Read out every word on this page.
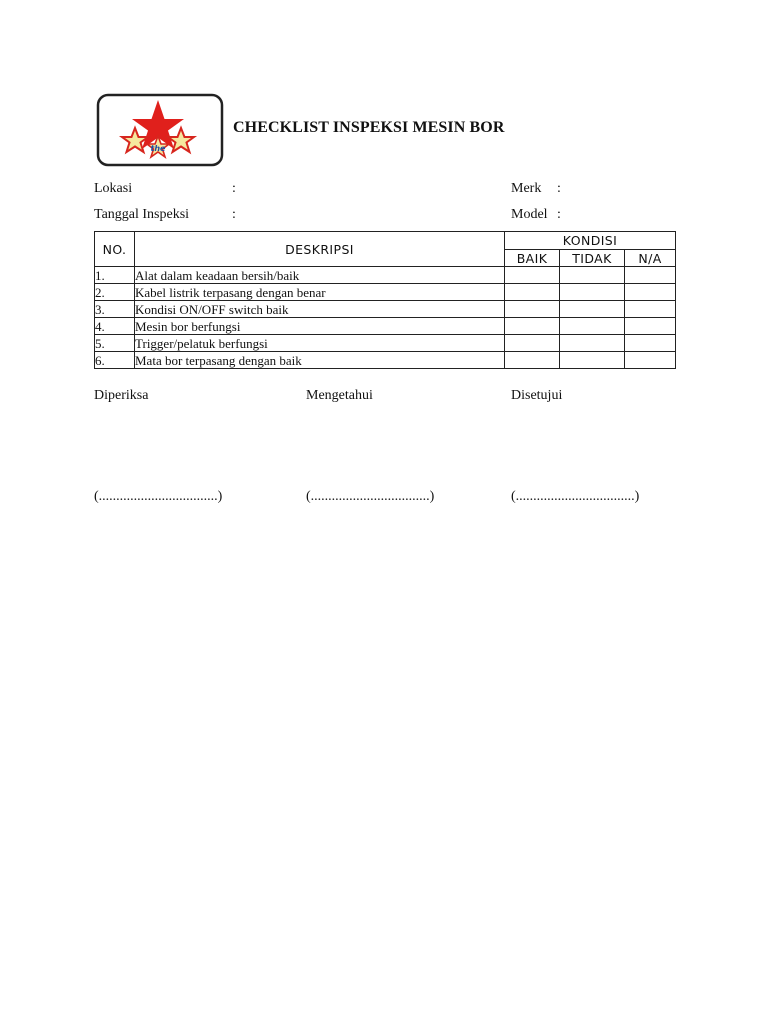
the
CHECKLIST INSPEKSI MESIN BOR
Lokasi	:	Merk :
Tanggal Inspeksi	:	Model :
NO.	DESKRIPSI	KONDISI		
		BAIK	TIDAK	N/A
1.	Alat dalam keadaan bersih/baik			
2.	Kabel listrik terpasang dengan benar			
3.	Kondisi ON/OFF switch baik			
4.	Mesin bor berfungsi			
5.	Trigger/pelatuk berfungsi			
6.	Mata bor terpasang dengan baik			
Diperiksa	Mengetahui	Disetujui
(..................................)	(..................................)	(..................................)
